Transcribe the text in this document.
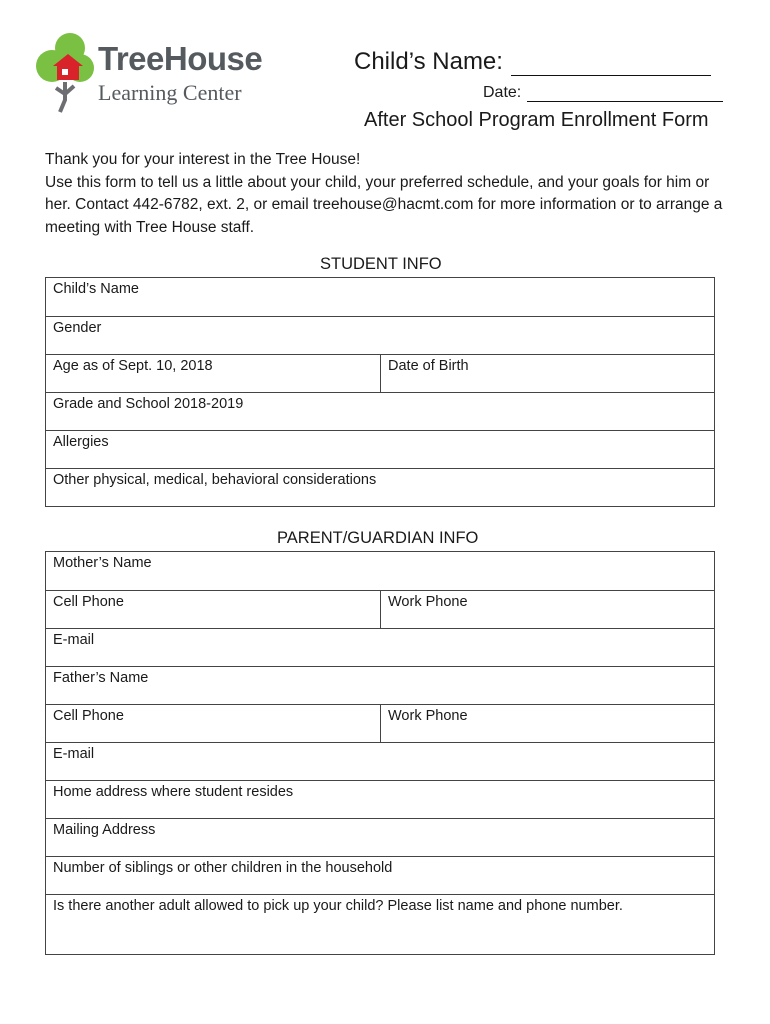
TreeHouse
Learning Center
Child’s Name:
Date:
After School Program Enrollment Form

Thank you for your interest in the Tree House!

Use this form to tell us a little about your child, your preferred schedule, and your goals for him or her. Contact 442-6782, ext. 2, or email treehouse@hacmt.com for more information or to arrange a meeting with Tree House staff.

STUDENT INFO
Child’s Name
Gender
Age as of Sept. 10, 2018	Date of Birth
Grade and School 2018-2019
Allergies
Other physical, medical, behavioral considerations
PARENT/GUARDIAN INFO
Mother’s Name
Cell Phone	Work Phone
E-mail
Father’s Name
Cell Phone	Work Phone
E-mail
Home address where student resides
Mailing Address
Number of siblings or other children in the household
Is there another adult allowed to pick up your child? Please list name and phone number.
